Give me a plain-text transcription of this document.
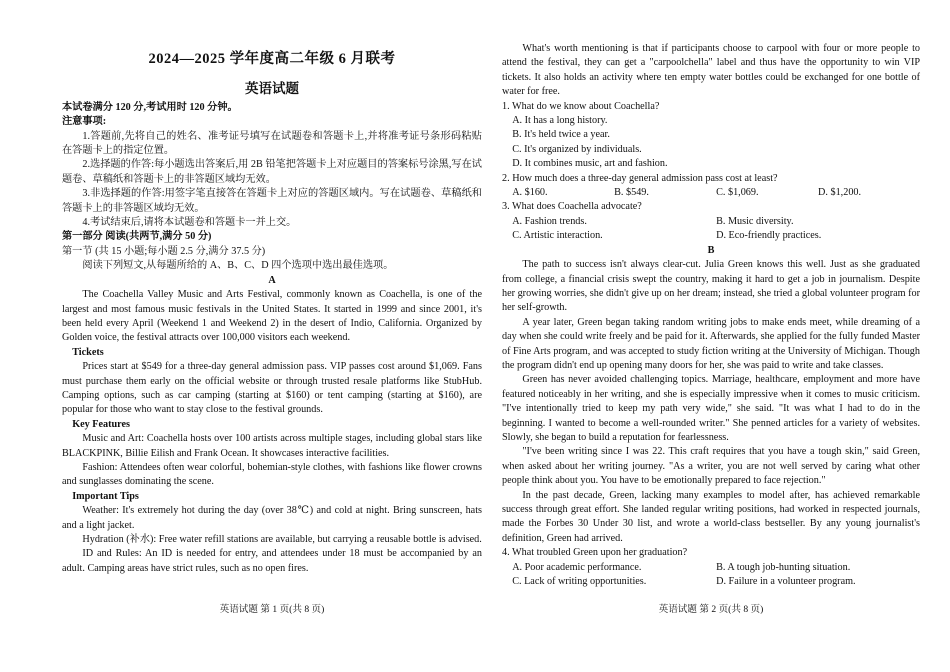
2024—2025 学年度高二年级 6 月联考

英语试题

本试卷满分 120 分,考试用时 120 分钟。

注意事项:

1.答题前,先将自己的姓名、准考证号填写在试题卷和答题卡上,并将准考证号条形码粘贴在答题卡上的指定位置。

2.选择题的作答:每小题选出答案后,用 2B 铅笔把答题卡上对应题目的答案标号涂黑,写在试题卷、草稿纸和答题卡上的非答题区域均无效。

3.非选择题的作答:用签字笔直接答在答题卡上对应的答题区域内。写在试题卷、草稿纸和答题卡上的非答题区域均无效。

4.考试结束后,请将本试题卷和答题卡一并上交。

第一部分 阅读(共两节,满分 50 分)

第一节 (共 15 小题;每小题 2.5 分,满分 37.5 分)

阅读下列短文,从每题所给的 A、B、C、D 四个选项中选出最佳选项。

A

The Coachella Valley Music and Arts Festival, commonly known as Coachella, is one of the largest and most famous music festivals in the United States. It started in 1999 and since 2001, it's been held every April (Weekend 1 and Weekend 2) in the desert of Indio, California. Organized by Golden voice, the festival attracts over 100,000 visitors each weekend.

Tickets

Prices start at $549 for a three-day general admission pass. VIP passes cost around $1,069. Fans must purchase them early on the official website or through trusted resale platforms like StubHub. Camping options, such as car camping (starting at $160) or tent camping (starting at $160), are popular for those who want to stay close to the festival grounds.

Key Features

Music and Art: Coachella hosts over 100 artists across multiple stages, including global stars like BLACKPINK, Billie Eilish and Frank Ocean. It showcases interactive facilities.

Fashion: Attendees often wear colorful, bohemian-style clothes, with fashions like flower crowns and sunglasses dominating the scene.

Important Tips

Weather: It's extremely hot during the day (over 38℃) and cold at night. Bring sunscreen, hats and a light jacket.

Hydration (补水): Free water refill stations are available, but carrying a reusable bottle is advised.

ID and Rules: An ID is needed for entry, and attendees under 18 must be accompanied by an adult. Camping areas have strict rules, such as no open fires.

英语试题 第 1 页(共 8 页)

What's worth mentioning is that if participants choose to carpool with four or more people to attend the festival, they can get a "carpoolchella" label and thus have the opportunity to win VIP tickets. It also holds an activity where ten empty water bottles could be exchanged for one bottle of water for free.

1. What do we know about Coachella?

A. It has a long history.

B. It's held twice a year.

C. It's organized by individuals.

D. It combines music, art and fashion.

2. How much does a three-day general admission pass cost at least?

A. $160.	B. $549.	C. $1,069.	D. $1,200.

3. What does Coachella advocate?

A. Fashion trends.	B. Music diversity.
C. Artistic interaction.	D. Eco-friendly practices.

B

The path to success isn't always clear-cut. Julia Green knows this well. Just as she graduated from college, a financial crisis swept the country, making it hard to get a job in journalism. Despite her growing worries, she didn't give up on her dream; instead, she tried a global volunteer program for her self-growth.

A year later, Green began taking random writing jobs to make ends meet, while dreaming of a day when she could write freely and be paid for it. Afterwards, she applied for the fully funded Master of Fine Arts program, and was accepted to study fiction writing at the University of Michigan. Though the program didn't end up opening many doors for her, she was paid to write and take classes.

Green has never avoided challenging topics. Marriage, healthcare, employment and more have featured noticeably in her writing, and she is especially impressive when it comes to music criticism. "I've intentionally tried to keep my path very wide," she said. "It was what I had to do in the beginning. I wanted to become a well-rounded writer." She penned articles for a variety of websites. Slowly, she began to build a reputation for fearlessness.

"I've been writing since I was 22. This craft requires that you have a tough skin," said Green, when asked about her writing journey. "As a writer, you are not well served by caring what other people think about you. You have to be emotionally prepared to face rejection."

In the past decade, Green, lacking many examples to model after, has achieved remarkable success through great effort. She landed regular writing positions, had worked in respected journals, made the Forbes 30 Under 30 list, and wrote a world-class bestseller. By any young journalist's definition, Green had arrived.

4. What troubled Green upon her graduation?

A. Poor academic performance.	B. A tough job-hunting situation.
C. Lack of writing opportunities.	D. Failure in a volunteer program.
英语试题 第 2 页(共 8 页)
